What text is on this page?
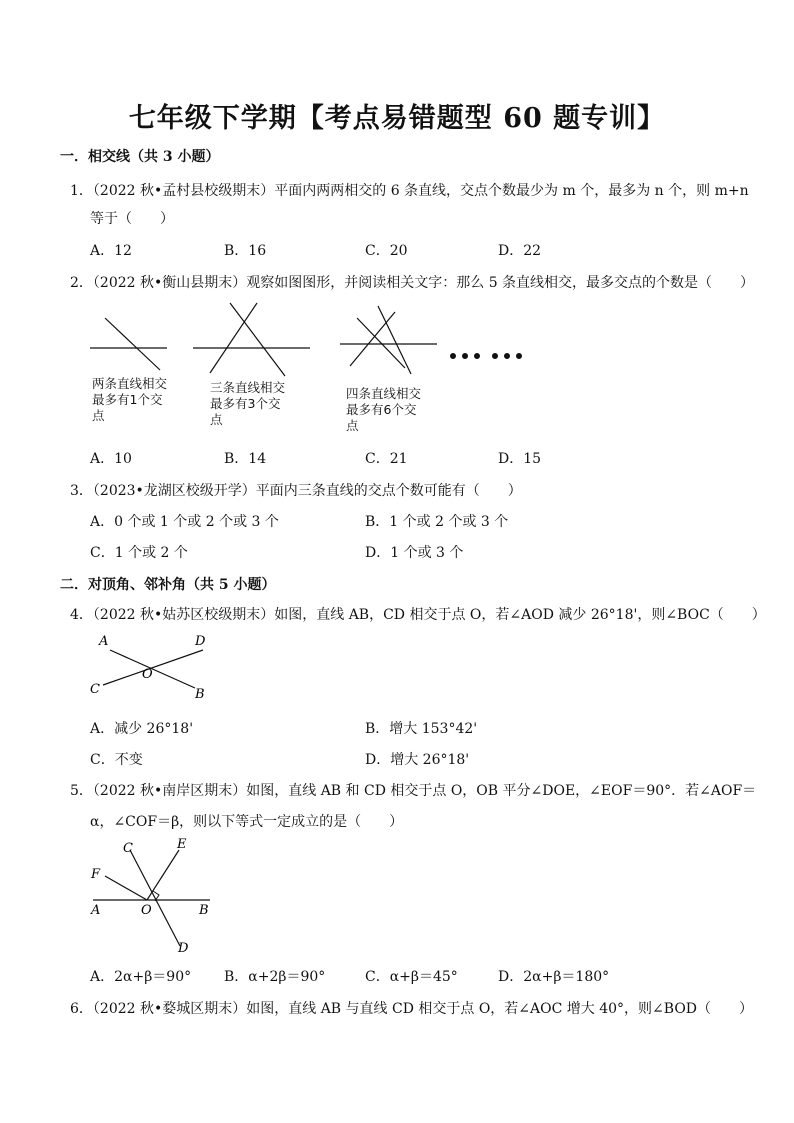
七年级下学期【考点易错题型 60 题专训】
一．相交线（共 3 小题）
1．（2022 秋•孟村县校级期末）平面内两两相交的 6 条直线，交点个数最少为 m 个，最多为 n 个，则 m+n
等于（　　）
A．12	B．16	C．20	D．22
2．（2022 秋•衡山县期末）观察如图图形，并阅读相关文字：那么 5 条直线相交，最多交点的个数是（　　）
两条直线相交最多有1个交点
三条直线相交最多有3个交点
四条直线相交最多有6个交点
A．10	B．14	C．21	D．15
3．（2023•龙湖区校级开学）平面内三条直线的交点个数可能有（　　）
A．0 个或 1 个或 2 个或 3 个	B．1 个或 2 个或 3 个
C．1 个或 2 个	D．1 个或 3 个
二．对顶角、邻补角（共 5 小题）
4．（2022 秋•姑苏区校级期末）如图，直线 AB，CD 相交于点 O，若∠AOD 减少 26°18'，则∠BOC（　　）
A	D
O
C	B
A．减少 26°18'	B．增大 153°42'
C．不变	D．增大 26°18'
5．（2022 秋•南岸区期末）如图，直线 AB 和 CD 相交于点 O，OB 平分∠DOE，∠EOF＝90°．若∠AOF＝
α，∠COF＝β，则以下等式一定成立的是（　　）
C	E
F
A	O	B
D
A．2α+β＝90° B．α+2β＝90°	C．α+β＝45°	D．2α+β＝180°
6．（2022 秋•婺城区期末）如图，直线 AB 与直线 CD 相交于点 O，若∠AOC 增大 40°，则∠BOD（　　）
